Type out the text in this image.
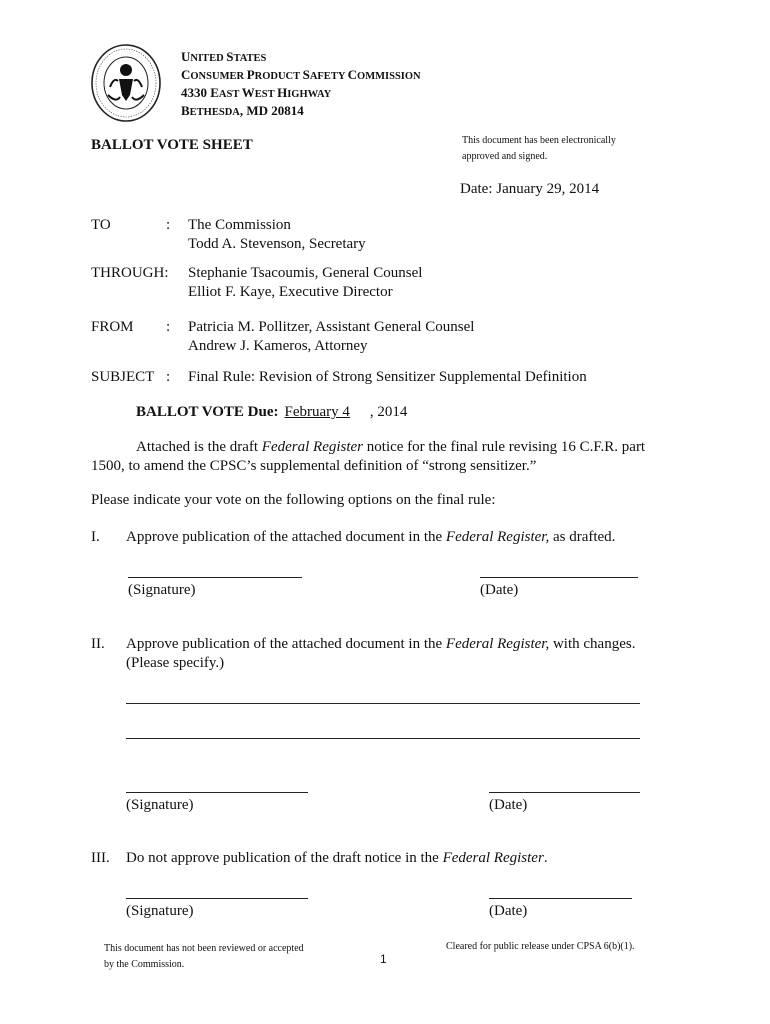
UNITED STATES
CONSUMER PRODUCT SAFETY COMMISSION
4330 EAST WEST HIGHWAY
BETHESDA, MD 20814
BALLOT VOTE SHEET	This document has been electronically
approved and signed.
Date: January 29, 2014
TO	: The Commission
Todd A. Stevenson, Secretary
THROUGH: Stephanie Tsacoumis, General Counsel
Elliot F. Kaye, Executive Director
FROM : Patricia M. Pollitzer, Assistant General Counsel
Andrew J. Kameros, Attorney
SUBJECT : Final Rule: Revision of Strong Sensitizer Supplemental Definition
BALLOT VOTE Due: February 4 , 2014
Attached is the draft Federal Register notice for the final rule revising 16 C.F.R. part
1500, to amend the CPSC’s supplemental definition of “strong sensitizer.”
Please indicate your vote on the following options on the final rule:
I. Approve publication of the attached document in the Federal Register, as drafted.
(Signature)	(Date)
II. Approve publication of the attached document in the Federal Register, with changes.
(Please specify.)
(Signature)	(Date)
III. Do not approve publication of the draft notice in the Federal Register.
(Signature)	(Date)
This document has not been reviewed or accepted
by the Commission.	1
Cleared for public release under CPSA 6(b)(1).
